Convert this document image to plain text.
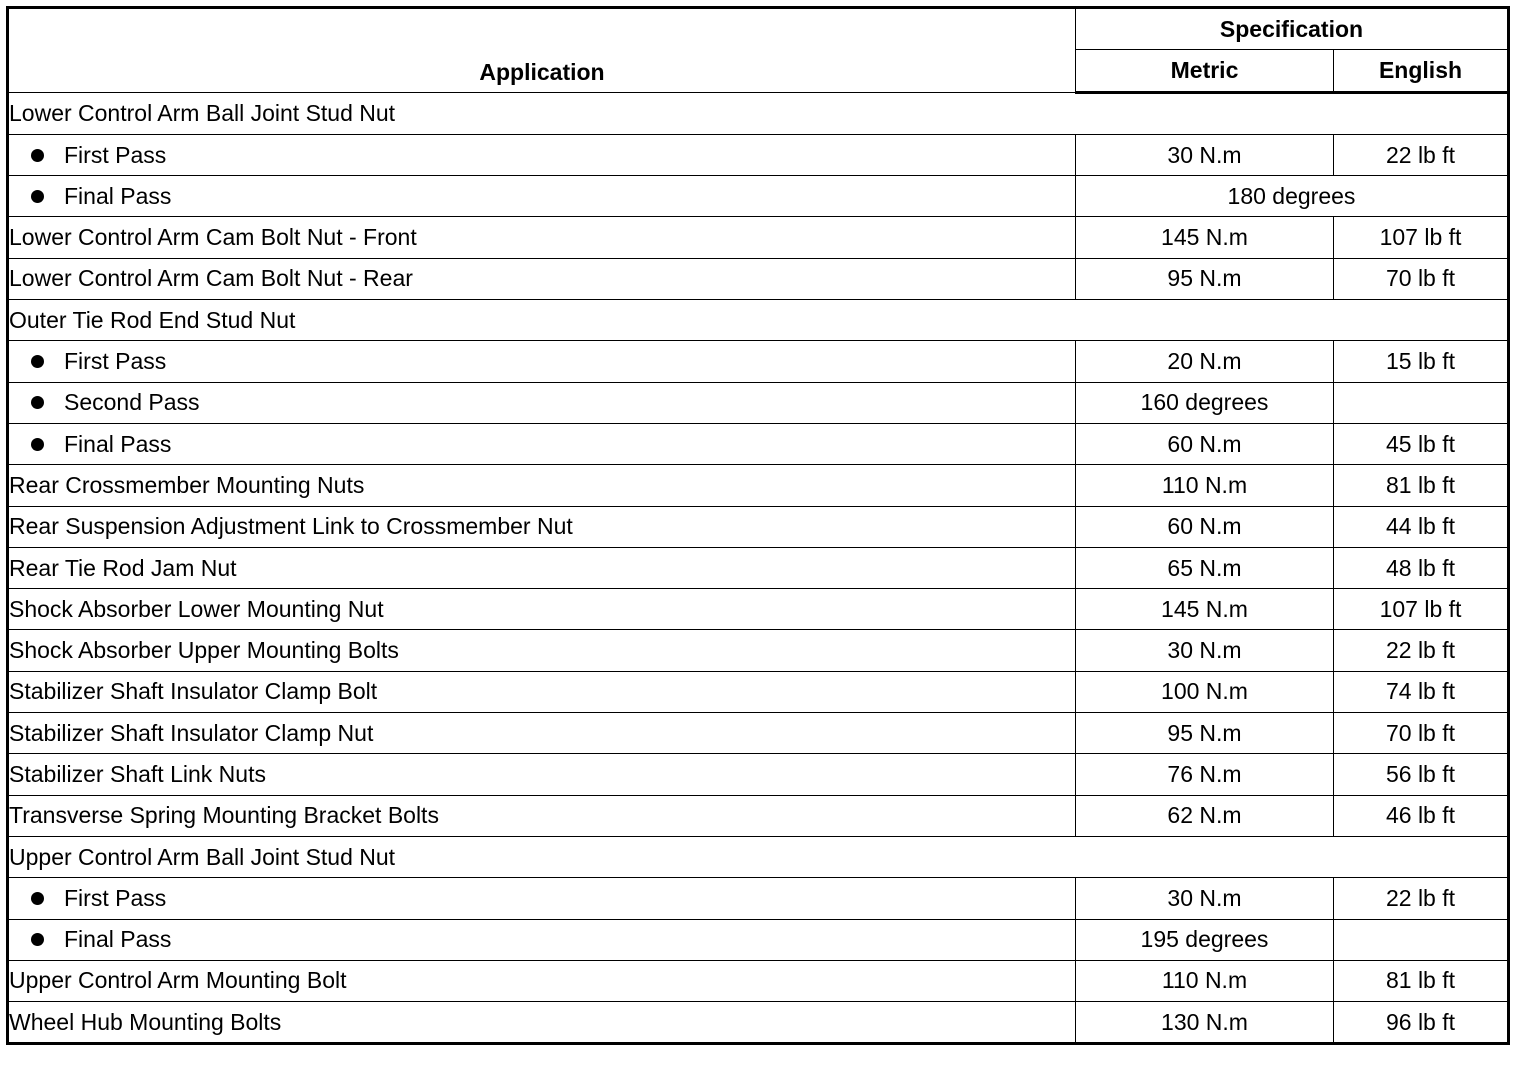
Application	Specification	
	Metric	English
Lower Control Arm Ball Joint Stud Nut		
First Pass	30 N.m	22 lb ft
Final Pass	180 degrees	
Lower Control Arm Cam Bolt Nut - Front	145 N.m	107 lb ft
Lower Control Arm Cam Bolt Nut - Rear	95 N.m	70 lb ft
Outer Tie Rod End Stud Nut		
First Pass	20 N.m	15 lb ft
Second Pass	160 degrees	
Final Pass	60 N.m	45 lb ft
Rear Crossmember Mounting Nuts	110 N.m	81 lb ft
Rear Suspension Adjustment Link to Crossmember Nut	60 N.m	44 lb ft
Rear Tie Rod Jam Nut	65 N.m	48 lb ft
Shock Absorber Lower Mounting Nut	145 N.m	107 lb ft
Shock Absorber Upper Mounting Bolts	30 N.m	22 lb ft
Stabilizer Shaft Insulator Clamp Bolt	100 N.m	74 lb ft
Stabilizer Shaft Insulator Clamp Nut	95 N.m	70 lb ft
Stabilizer Shaft Link Nuts	76 N.m	56 lb ft
Transverse Spring Mounting Bracket Bolts	62 N.m	46 lb ft
Upper Control Arm Ball Joint Stud Nut		
First Pass	30 N.m	22 lb ft
Final Pass	195 degrees	
Upper Control Arm Mounting Bolt	110 N.m	81 lb ft
Wheel Hub Mounting Bolts	130 N.m	96 lb ft
